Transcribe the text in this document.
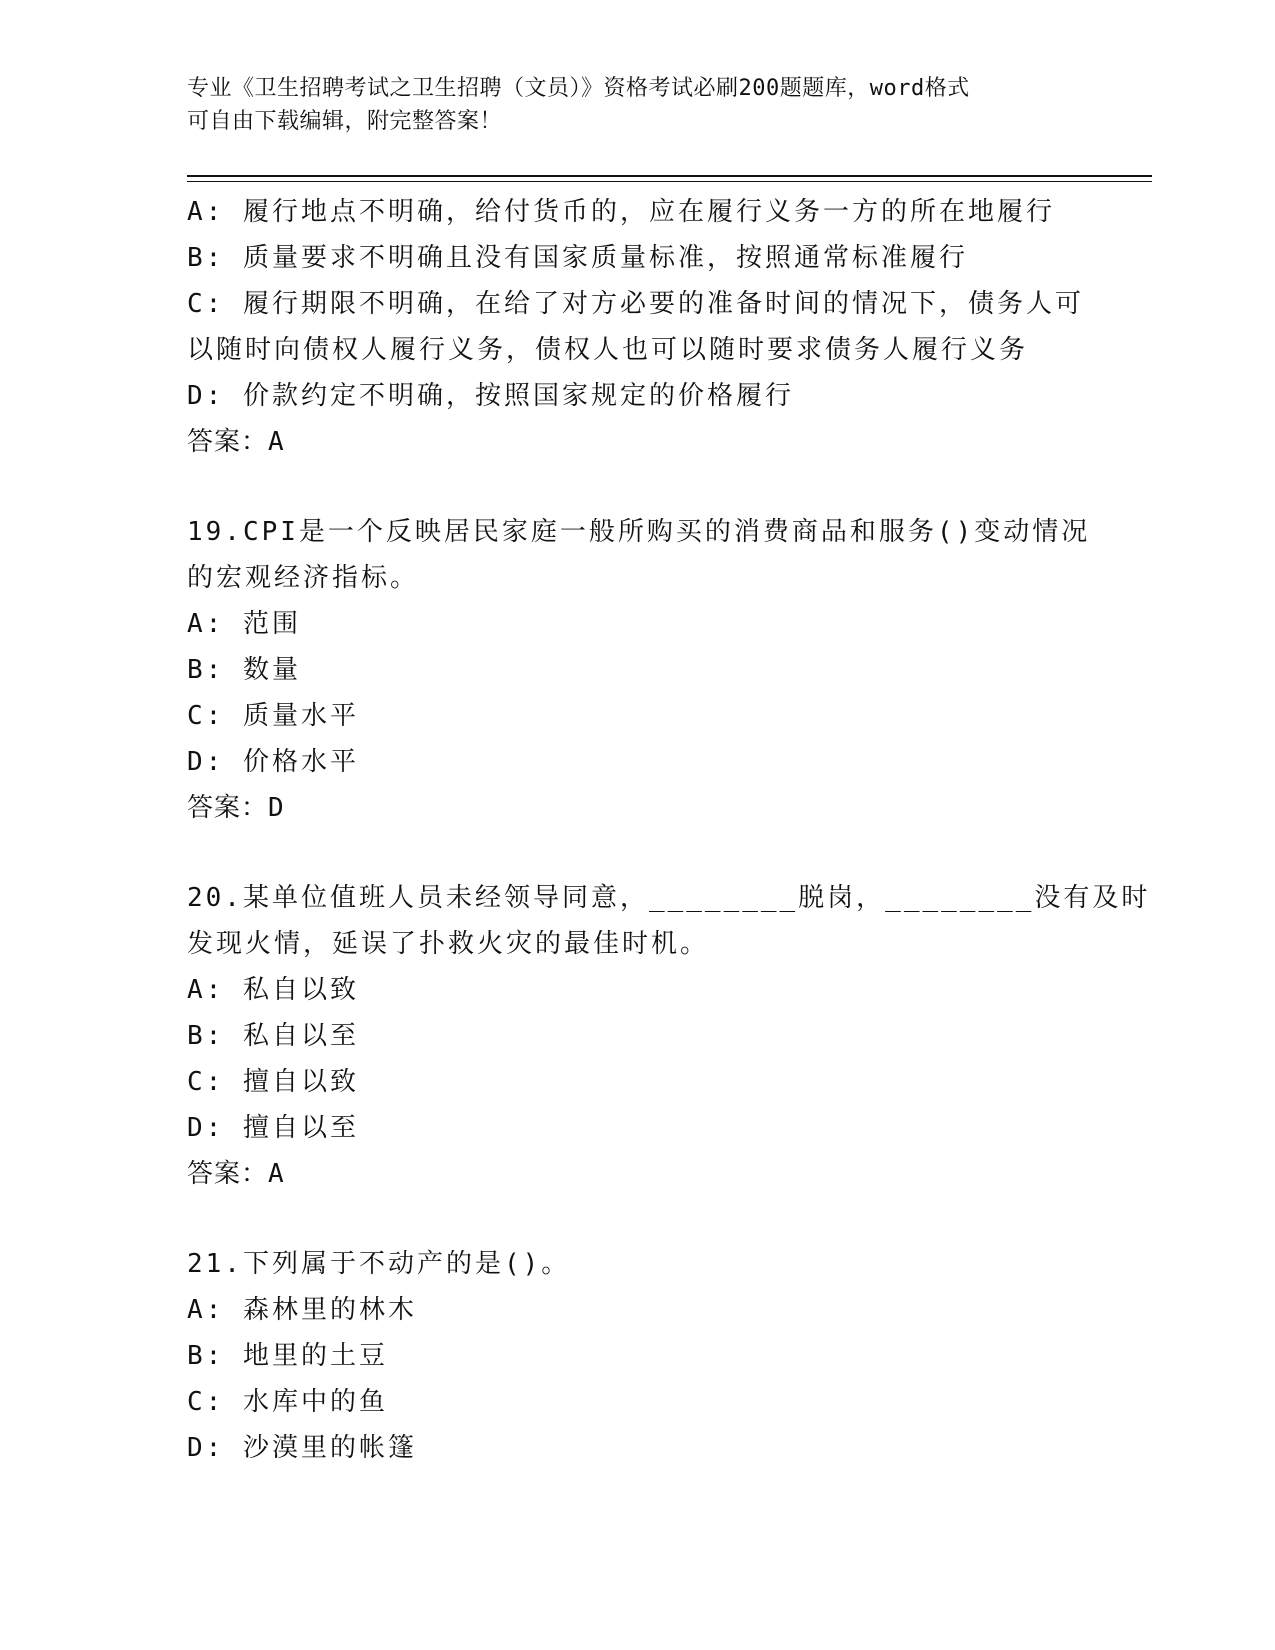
专业《卫生招聘考试之卫生招聘（文员）》资格考试必刷200题题库，word格式
可自由下载编辑，附完整答案！
A: 履行地点不明确，给付货币的，应在履行义务一方的所在地履行
B: 质量要求不明确且没有国家质量标准，按照通常标准履行
C: 履行期限不明确，在给了对方必要的准备时间的情况下，债务人可
以随时向债权人履行义务，债权人也可以随时要求债务人履行义务
D: 价款约定不明确，按照国家规定的价格履行
答案：A
19.CPI是一个反映居民家庭一般所购买的消费商品和服务()变动情况
的宏观经济指标。
A: 范围
B: 数量
C: 质量水平
D: 价格水平
答案：D
20.某单位值班人员未经领导同意，________脱岗，________没有及时
发现火情，延误了扑救火灾的最佳时机。
A: 私自以致
B: 私自以至
C: 擅自以致
D: 擅自以至
答案：A
21.下列属于不动产的是()。
A: 森林里的林木
B: 地里的土豆
C: 水库中的鱼
D: 沙漠里的帐篷
